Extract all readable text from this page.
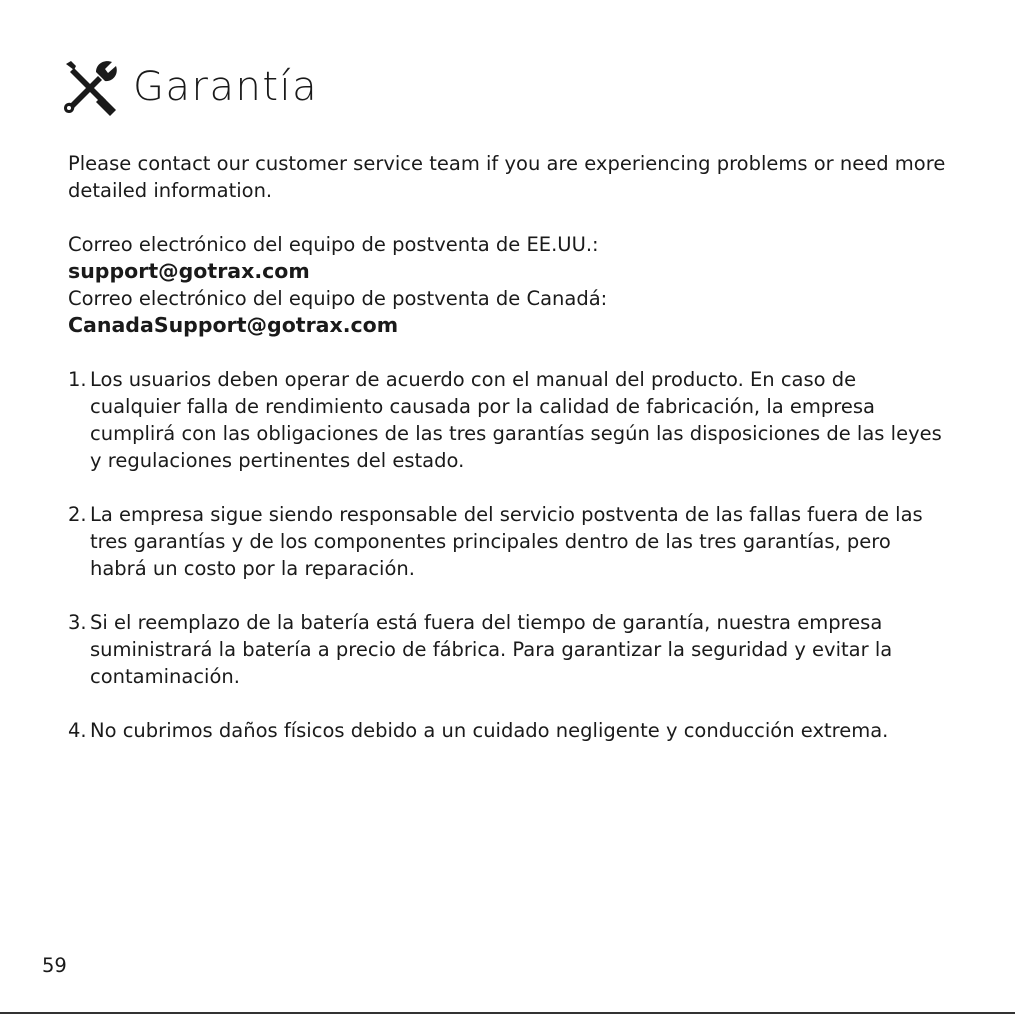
Garantía

Please contact our customer service team if you are experiencing problems or need more detailed information.

Correo electrónico del equipo de postventa de EE.UU.:

support@gotrax.com

Correo electrónico del equipo de postventa de Canadá:

CanadaSupport@gotrax.com

1. Los usuarios deben operar de acuerdo con el manual del producto. En caso de cualquier falla de rendimiento causada por la calidad de fabricación, la empresa cumplirá con las obligaciones de las tres garantías según las disposiciones de las leyes y regulaciones pertinentes del estado.
2. La empresa sigue siendo responsable del servicio postventa de las fallas fuera de las tres garantías y de los componentes principales dentro de las tres garantías, pero habrá un costo por la reparación.
3. Si el reemplazo de la batería está fuera del tiempo de garantía, nuestra empresa suministrará la batería a precio de fábrica. Para garantizar la seguridad y evitar la contaminación.
4. No cubrimos daños físicos debido a un cuidado negligente y conducción extrema.
59
